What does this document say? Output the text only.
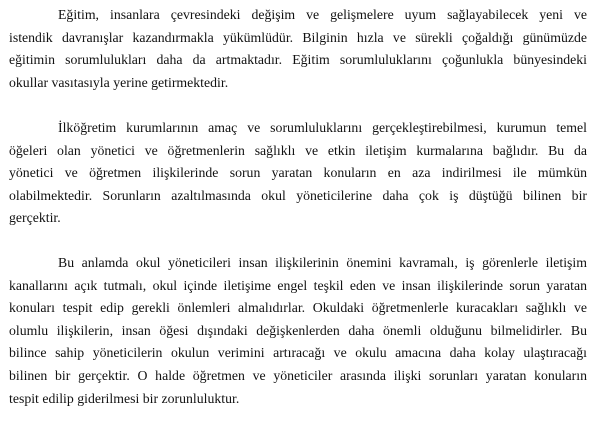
Eğitim, insanlara çevresindeki değişim ve gelişmelere uyum sağlayabilecek yeni ve
istendik davranışlar kazandırmakla yükümlüdür. Bilginin hızla ve sürekli çoğaldığı günümüzde
eğitimin sorumlulukları daha da artmaktadır. Eğitim sorumluluklarını çoğunlukla bünyesindeki
okullar vasıtasıyla yerine getirmektedir.

İlköğretim kurumlarının amaç ve sorumluluklarını gerçekleştirebilmesi, kurumun temel
öğeleri olan yönetici ve öğretmenlerin sağlıklı ve etkin iletişim kurmalarına bağlıdır. Bu da
yönetici ve öğretmen ilişkilerinde sorun yaratan konuların en aza indirilmesi ile mümkün
olabilmektedir. Sorunların azaltılmasında okul yöneticilerine daha çok iş düştüğü bilinen bir
gerçektir.

Bu anlamda okul yöneticileri insan ilişkilerinin önemini kavramalı, iş görenlerle iletişim
kanallarını açık tutmalı, okul içinde iletişime engel teşkil eden ve insan ilişkilerinde sorun yaratan
konuları tespit edip gerekli önlemleri almalıdırlar. Okuldaki öğretmenlerle kuracakları sağlıklı ve
olumlu ilişkilerin, insan öğesi dışındaki değişkenlerden daha önemli olduğunu bilmelidirler. Bu
bilince sahip yöneticilerin okulun verimini artıracağı ve okulu amacına daha kolay ulaştıracağı
bilinen bir gerçektir. O halde öğretmen ve yöneticiler arasında ilişki sorunları yaratan konuların
tespit edilip giderilmesi bir zorunluluktur.
